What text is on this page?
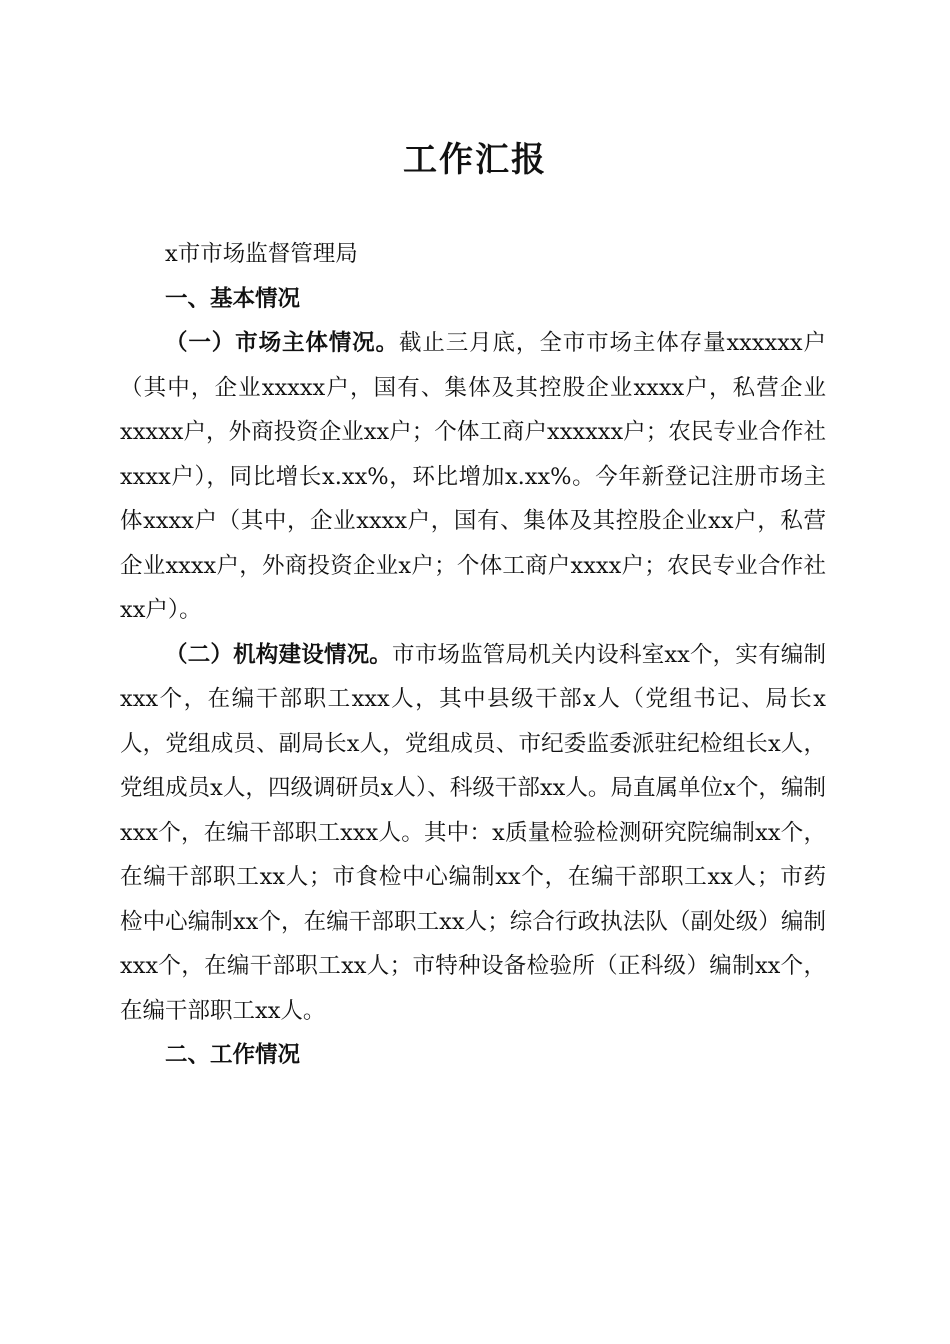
工作汇报

x市市场监督管理局

一、基本情况

（一）市场主体情况。截止三月底，全市市场主体存量xxxxxx户（其中，企业xxxxx户，国有、集体及其控股企业xxxx户，私营企业xxxxx户，外商投资企业xx户；个体工商户xxxxxx户；农民专业合作社xxxx户），同比增长x.xx%，环比增加x.xx%。今年新登记注册市场主体xxxx户（其中，企业xxxx户，国有、集体及其控股企业xx户，私营企业xxxx户，外商投资企业x户；个体工商户xxxx户；农民专业合作社xx户）。

（二）机构建设情况。市市场监管局机关内设科室xx个，实有编制xxx个，在编干部职工xxx人，其中县级干部x人（党组书记、局长x人，党组成员、副局长x人，党组成员、市纪委监委派驻纪检组长x人，党组成员x人，四级调研员x人）、科级干部xx人。局直属单位x个，编制xxx个，在编干部职工xxx人。其中：x质量检验检测研究院编制xx个，在编干部职工xx人；市食检中心编制xx个，在编干部职工xx人；市药检中心编制xx个，在编干部职工xx人；综合行政执法队（副处级）编制xxx个，在编干部职工xx人；市特种设备检验所（正科级）编制xx个，在编干部职工xx人。

二、工作情况
